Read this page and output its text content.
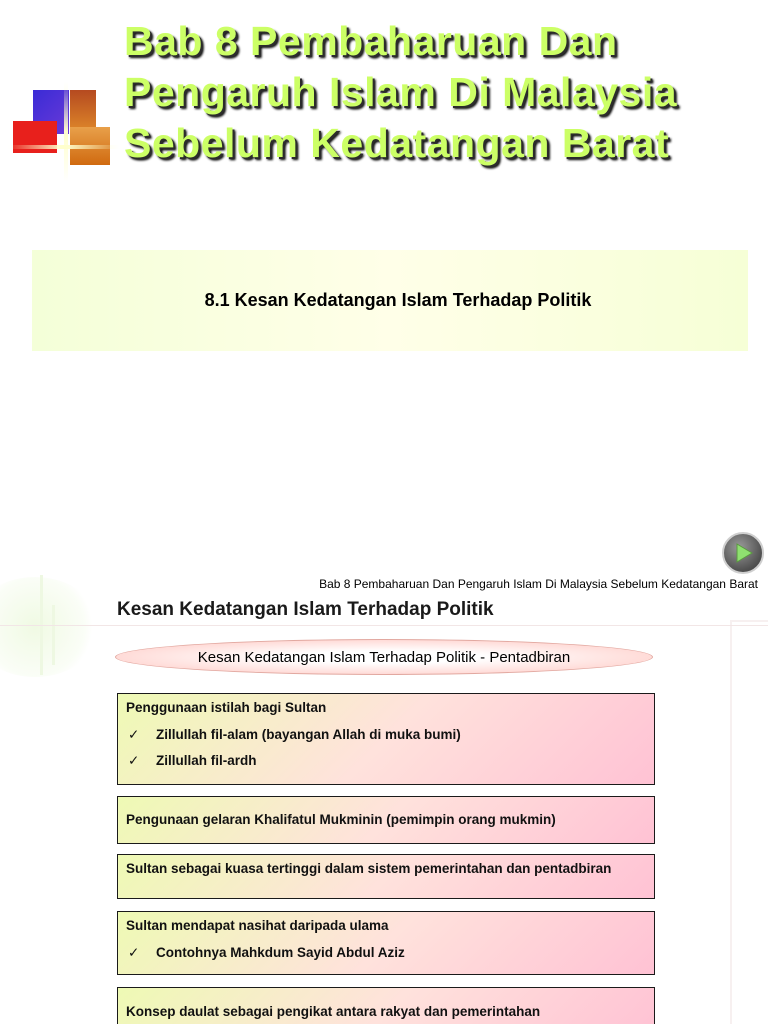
Bab 8 Pembaharuan Dan
Pengaruh Islam Di Malaysia
Sebelum Kedatangan Barat
8.1 Kesan Kedatangan Islam Terhadap Politik
Bab 8 Pembaharuan Dan Pengaruh Islam Di Malaysia Sebelum Kedatangan Barat
Kesan Kedatangan Islam Terhadap Politik
Kesan Kedatangan Islam Terhadap Politik - Pentadbiran
Penggunaan istilah bagi Sultan
✓	Zillullah fil-alam (bayangan Allah di muka bumi)
✓	Zillullah fil-ardh
Pengunaan gelaran Khalifatul Mukminin (pemimpin orang mukmin)
Sultan sebagai kuasa tertinggi dalam sistem pemerintahan dan pentadbiran
Sultan mendapat nasihat daripada ulama
✓	Contohnya Mahkdum Sayid Abdul Aziz
Konsep daulat sebagai pengikat antara rakyat dan pemerintahan
